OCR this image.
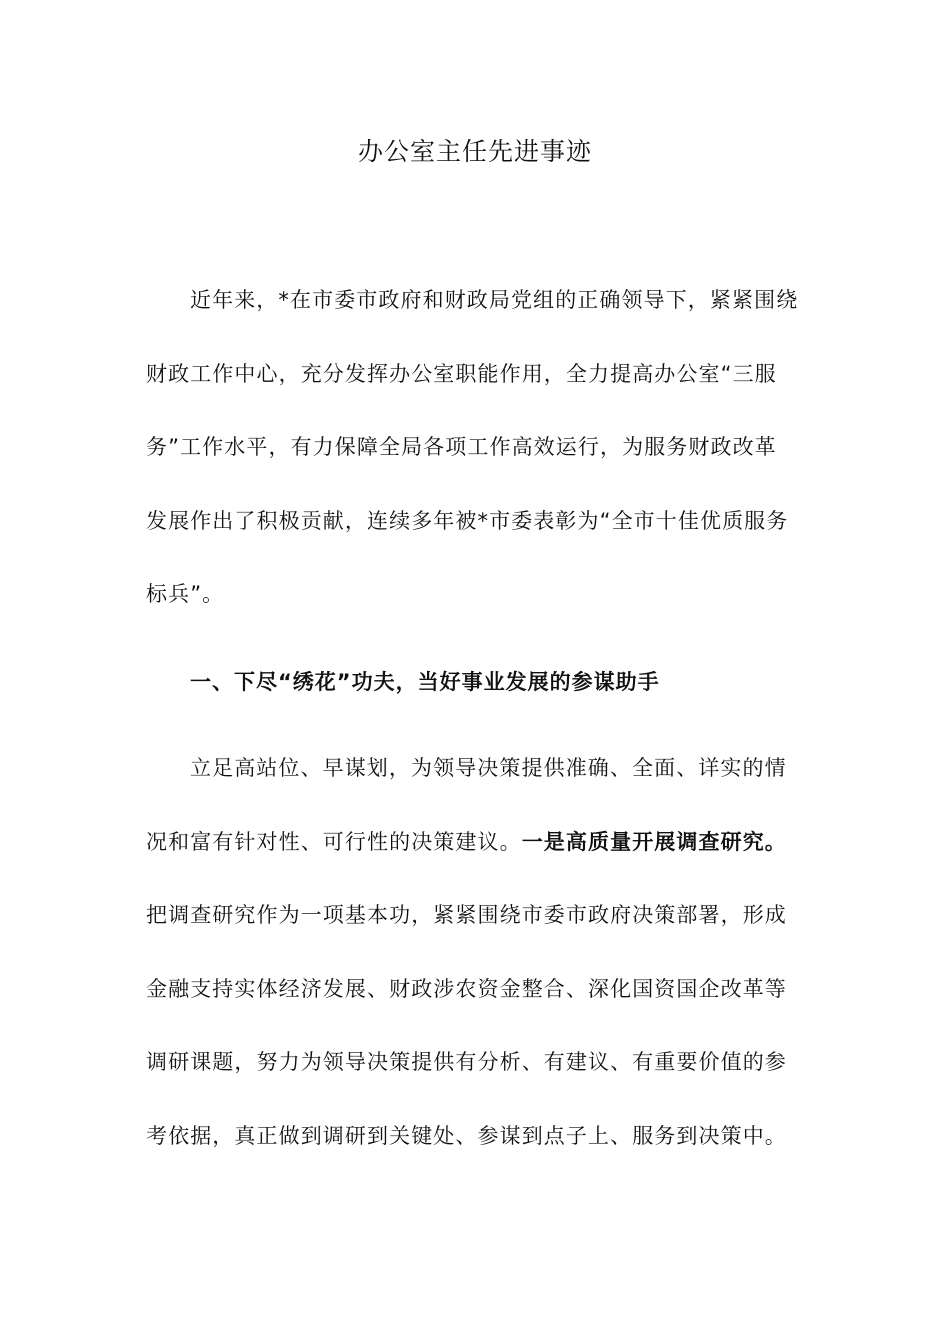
办公室主任先进事迹
近年来，*在市委市政府和财政局党组的正确领导下，紧紧围绕
财政工作中心，充分发挥办公室职能作用，全力提高办公室“三服
务”工作水平，有力保障全局各项工作高效运行，为服务财政改革
发展作出了积极贡献，连续多年被*市委表彰为“全市十佳优质服务
标兵”。
一、下尽“绣花”功夫，当好事业发展的参谋助手
立足高站位、早谋划，为领导决策提供准确、全面、详实的情
况和富有针对性、可行性的决策建议。一是高质量开展调查研究。
把调查研究作为一项基本功，紧紧围绕市委市政府决策部署，形成
金融支持实体经济发展、财政涉农资金整合、深化国资国企改革等
调研课题，努力为领导决策提供有分析、有建议、有重要价值的参
考依据，真正做到调研到关键处、参谋到点子上、服务到决策中。
